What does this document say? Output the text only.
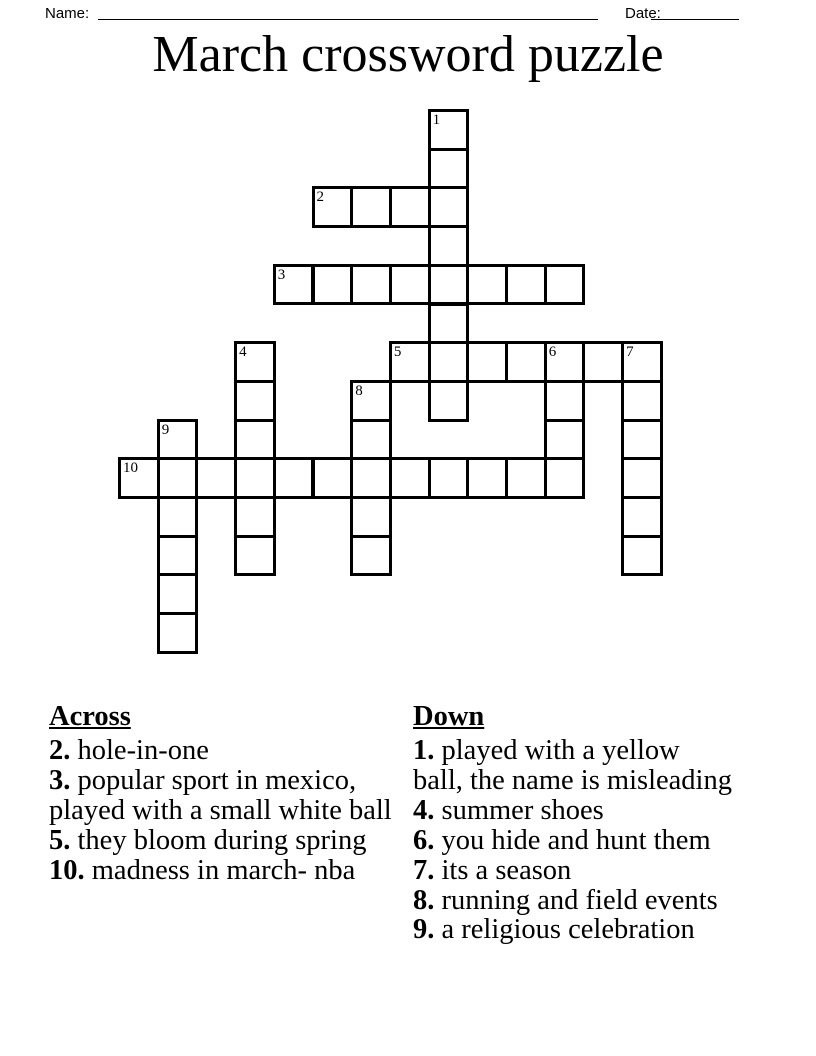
Name:	Date:
March crossword puzzle
1
2
3
4	5	6	7
8
9
10
Across
2. hole-in-one
3. popular sport in mexico,
played with a small white ball
5. they bloom during spring
10. madness in march- nba
Down
1. played with a yellow
ball, the name is misleading
4. summer shoes
6. you hide and hunt them
7. its a season
8. running and field events
9. a religious celebration
